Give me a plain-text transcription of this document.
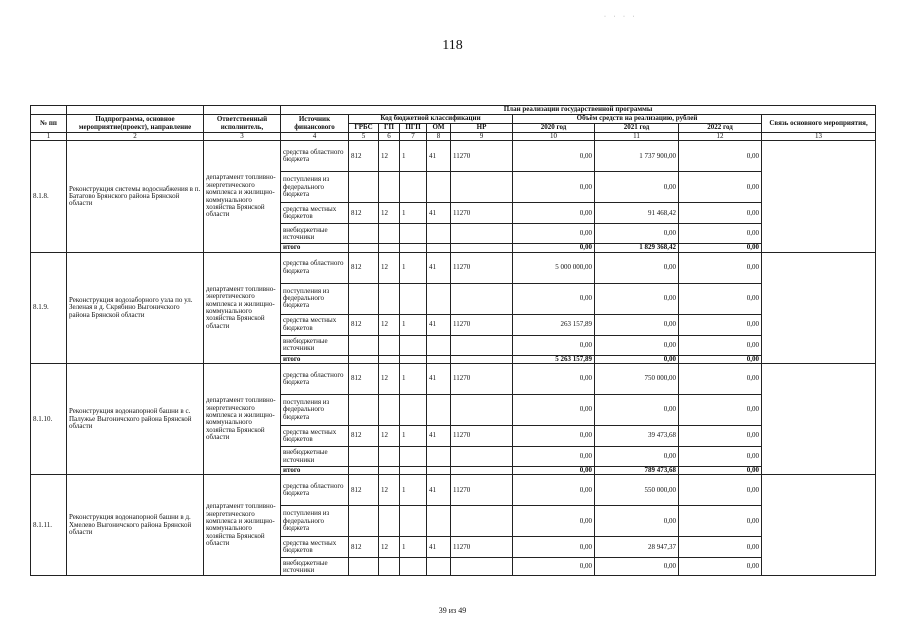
· · · ·
118
			План реализации государственной программы									
№ пп	Подпрограмма, основное мероприятие(проект), направление	Ответственный исполнитель,	Источник финансового	Код бюджетной классификации					Объём средств на реализацию, рублей			Связь основного мероприятия,
				ГРБС	ГП	ПГП	ОМ	НР	2020 год	2021 год	2022 год	
1	2	3	4	5	6	7	8	9	10	11	12	13
8.1.8.	Реконструкция системы водоснабжения в п. Батагово Брянского района Брянской области	департамент топливно-энергетического комплекса и жилищно-коммунального хозяйства Брянской области	средства областного бюджета	812	12	1	41	11270	0,00	1 737 900,00	0,00	
			поступления из федерального бюджета						0,00	0,00	0,00	
			средства местных бюджетов	812	12	1	41	11270	0,00	91 468,42	0,00	
			внебюджетные источники						0,00	0,00	0,00	
			итого						0,00	1 829 368,42	0,00	
8.1.9.	Реконструкция водозаборного узла по ул. Зеленая в д. Скрябино Выгоничского района Брянской области	департамент топливно-энергетического комплекса и жилищно-коммунального хозяйства Брянской области	средства областного бюджета	812	12	1	41	11270	5 000 000,00	0,00	0,00	
			поступления из федерального бюджета						0,00	0,00	0,00	
			средства местных бюджетов	812	12	1	41	11270	263 157,89	0,00	0,00	
			внебюджетные источники						0,00	0,00	0,00	
			итого						5 263 157,89	0,00	0,00	
8.1.10.	Реконструкция водонапорной башни в с. Палужье Выгоничского района Брянской области	департамент топливно-энергетического комплекса и жилищно-коммунального хозяйства Брянской области	средства областного бюджета	812	12	1	41	11270	0,00	750 000,00	0,00	
			поступления из федерального бюджета						0,00	0,00	0,00	
			средства местных бюджетов	812	12	1	41	11270	0,00	39 473,68	0,00	
			внебюджетные источники						0,00	0,00	0,00	
			итого						0,00	789 473,68	0,00	
8.1.11.	Реконструкция водонапорной башни в д. Хмелево Выгоничского района Брянской области	департамент топливно-энергетического комплекса и жилищно-коммунального хозяйства Брянской области	средства областного бюджета	812	12	1	41	11270	0,00	550 000,00	0,00	
			поступления из федерального бюджета						0,00	0,00	0,00	
			средства местных бюджетов	812	12	1	41	11270	0,00	28 947,37	0,00	
			внебюджетные источники						0,00	0,00	0,00	
39 из 49
